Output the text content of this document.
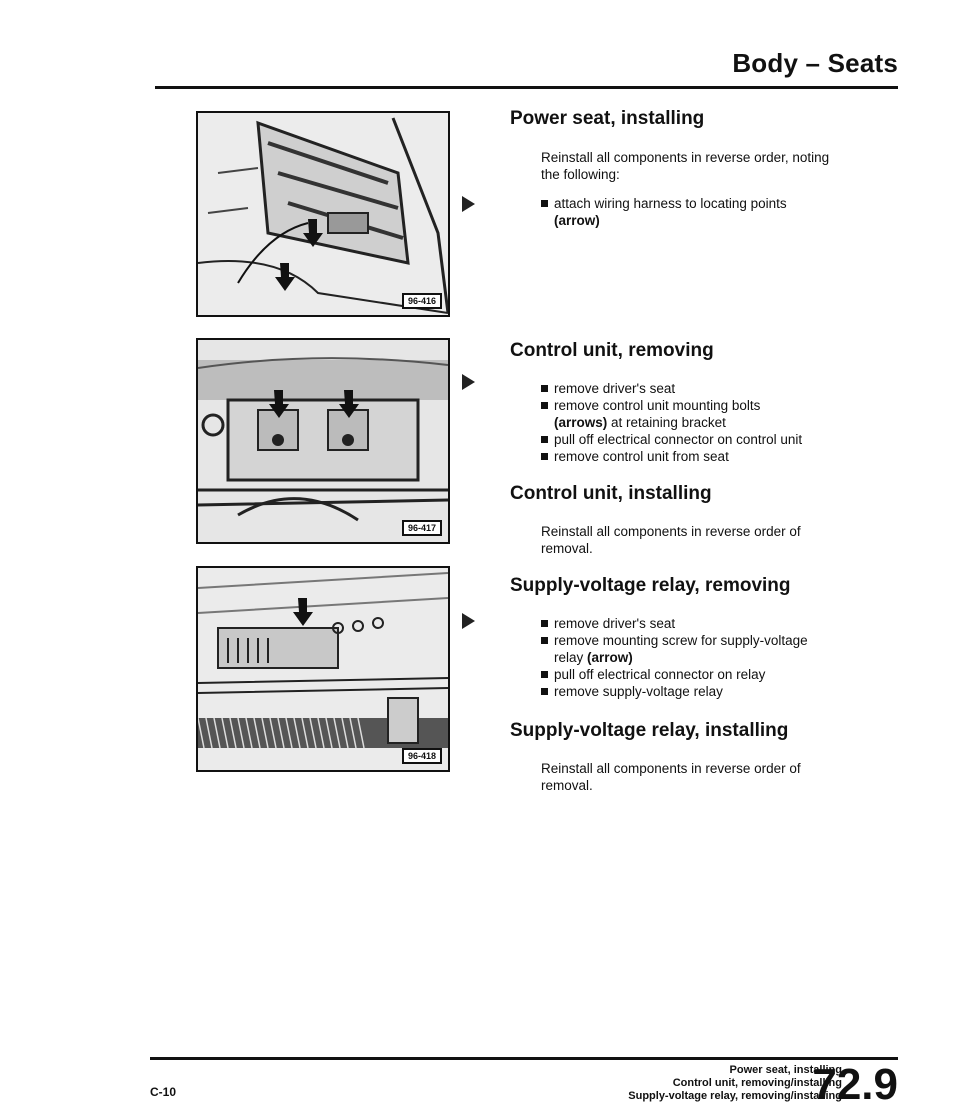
Body – Seats
96-416
96-417
96-418
Power seat, installing
Reinstall all components in reverse order, noting the following:
attach wiring harness to locating points
(arrow)
Control unit, removing
remove driver's seat
remove control unit mounting bolts
(arrows) at retaining bracket
pull off electrical connector on control unit
remove control unit from seat
Control unit, installing
Reinstall all components in reverse order of removal.
Supply-voltage relay, removing
remove driver's seat
remove mounting screw for supply-voltage
relay (arrow)
pull off electrical connector on relay
remove supply-voltage relay
Supply-voltage relay, installing
Reinstall all components in reverse order of removal.
C-10
Power seat, installing
Control unit, removing/installing
Supply-voltage relay, removing/installing
72.9
